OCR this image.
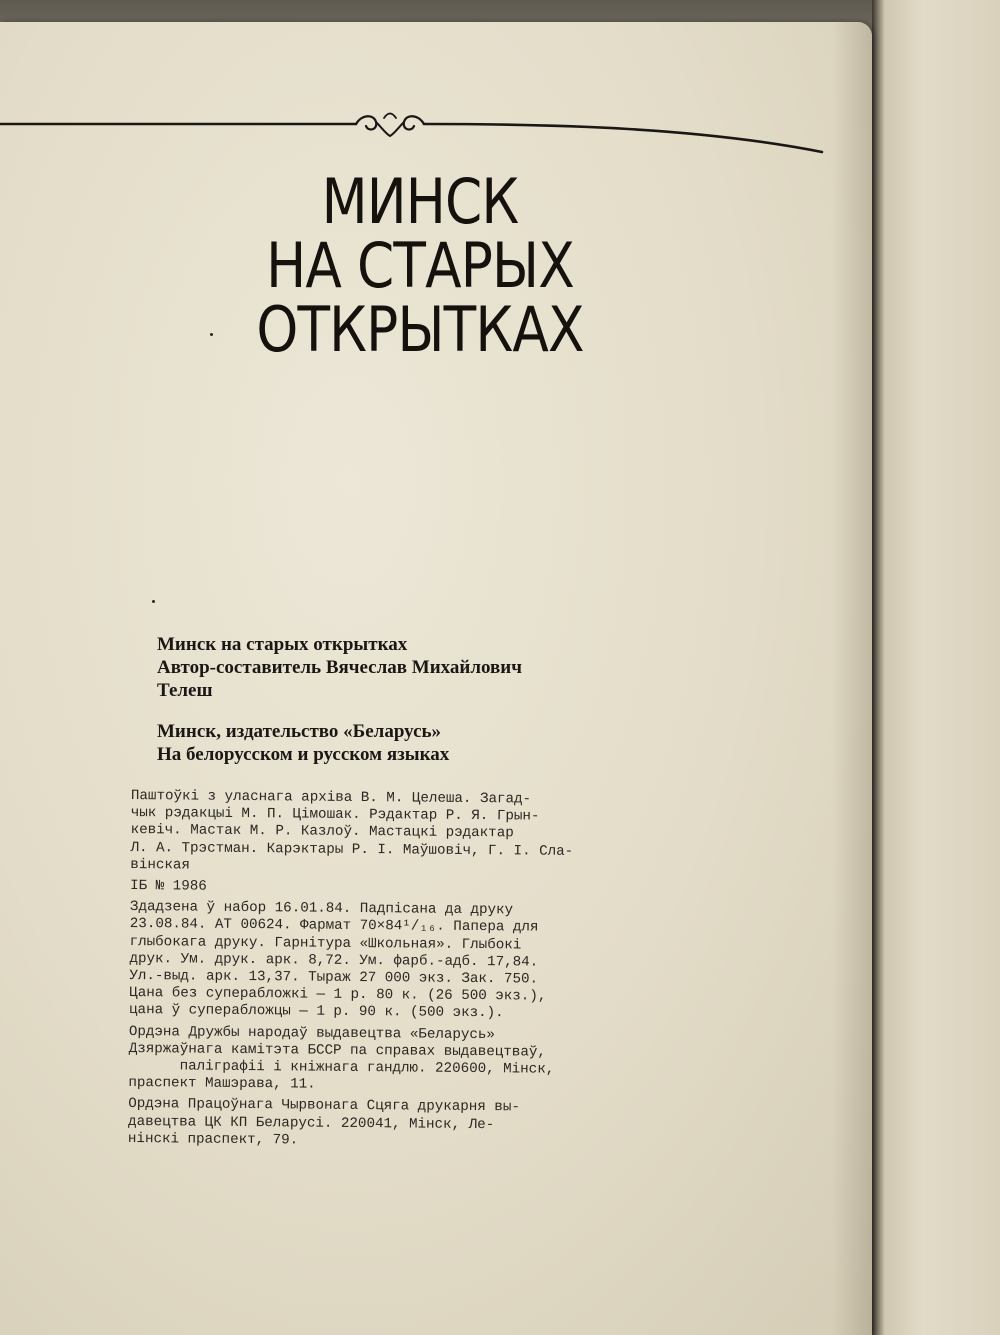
МИНСК
НА СТАРЫХ
ОТКРЫТКАХ
Минск на старых открытках
Автор-составитель Вячеслав Михайлович
Телеш
Минск, издательство «Беларусь»
На белорусском и русском языках

Паштоўкі з уласнага архіва В. М. Целеша. Загад-
чык рэдакцыі М. П. Цімошак. Рэдактар Р. Я. Грын-
кевіч. Мастак М. Р. Казлоў. Мастацкі рэдактар
Л. А. Трэстман. Карэктары Р. І. Маўшовіч, Г. І. Сла-
вінская

ІБ № 1986

Здадзена ў набор 16.01.84. Падпісана да друку
23.08.84. АТ 00624. Фармат 70×84¹/₁₆. Папера для
глыбокага друку. Гарнітура «Школьная». Глыбокі
друк. Ум. друк. арк. 8,72. Ум. фарб.-адб. 17,84.
Ул.-выд. арк. 13,37. Тыраж 27 000 экз. Зак. 750.
Цана без суперабложкі — 1 р. 80 к. (26 500 экз.),
цана ў суперабложцы — 1 р. 90 к. (500 экз.).

Ордэна Дружбы народаў выдавецтва «Беларусь»
Дзяржаўнага камітэта БССР па справах выдавецтваў,
паліграфіі і кніжнага гандлю. 220600, Мінск,
праспект Машэрава, 11.

Ордэна Працоўнага Чырвонага Сцяга друкарня вы-
давецтва ЦК КП Беларусі. 220041, Мінск, Ле-
нінскі праспект, 79.
